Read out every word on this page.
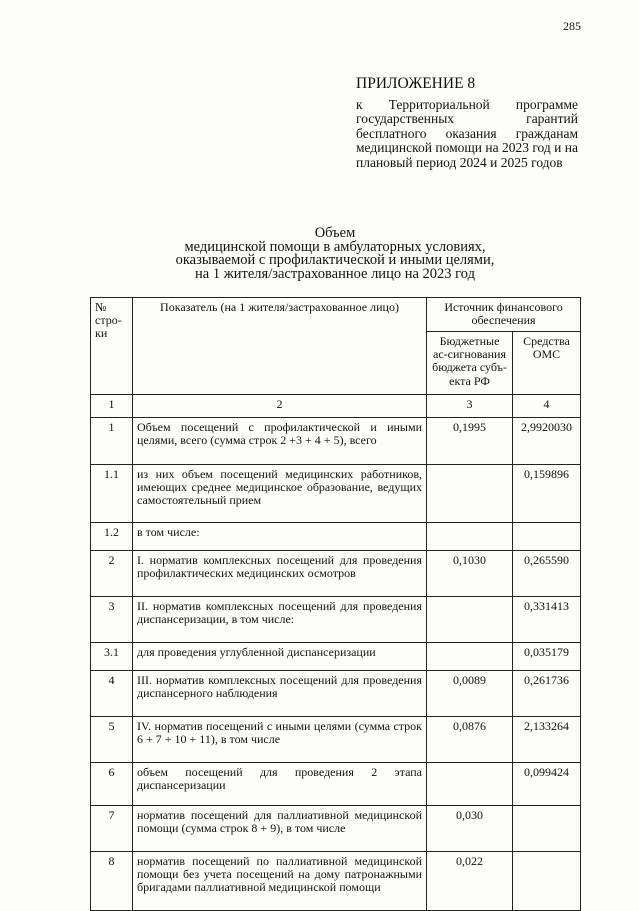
285
ПРИЛОЖЕНИЕ 8
к Территориальной программе государственных гарантий бесплатного оказания гражданам медицинской помощи на 2023 год и на плановый период 2024 и 2025 годов
Объем
медицинской помощи в амбулаторных условиях,
оказываемой с профилактической и иными целями,
на 1 жителя/застрахованное лицо на 2023 год
№ стро-ки	Показатель (на 1 жителя/застрахованное лицо)	Источник финансового обеспечения	
		Бюджетные ас-сигнования бюджета субъ-екта РФ	Средства ОМС
1	2	3	4
1	Объем посещений с профилактической и иными целями, всего (сумма строк 2 +3 + 4 + 5), всего	0,1995	2,9920030
1.1	из них объем посещений медицинских работников, имеющих среднее медицинское образование, ведущих самостоятельный прием		0,159896
1.2	в том числе:		
2	I. норматив комплексных посещений для проведения профилактических медицинских осмотров	0,1030	0,265590
3	II. норматив комплексных посещений для проведения диспансеризации, в том числе:		0,331413
3.1	для проведения углубленной диспансеризации		0,035179
4	III. норматив комплексных посещений для проведения диспансерного наблюдения	0,0089	0,261736
5	IV. норматив посещений с иными целями (сумма строк 6 + 7 + 10 + 11), в том числе	0,0876	2,133264
6	объем посещений для проведения 2 этапа диспансеризации		0,099424
7	норматив посещений для паллиативной медицинской помощи (сумма строк 8 + 9), в том числе	0,030	
8	норматив посещений по паллиативной медицинской помощи без учета посещений на дому патронажными бригадами паллиативной медицинской помощи	0,022	
